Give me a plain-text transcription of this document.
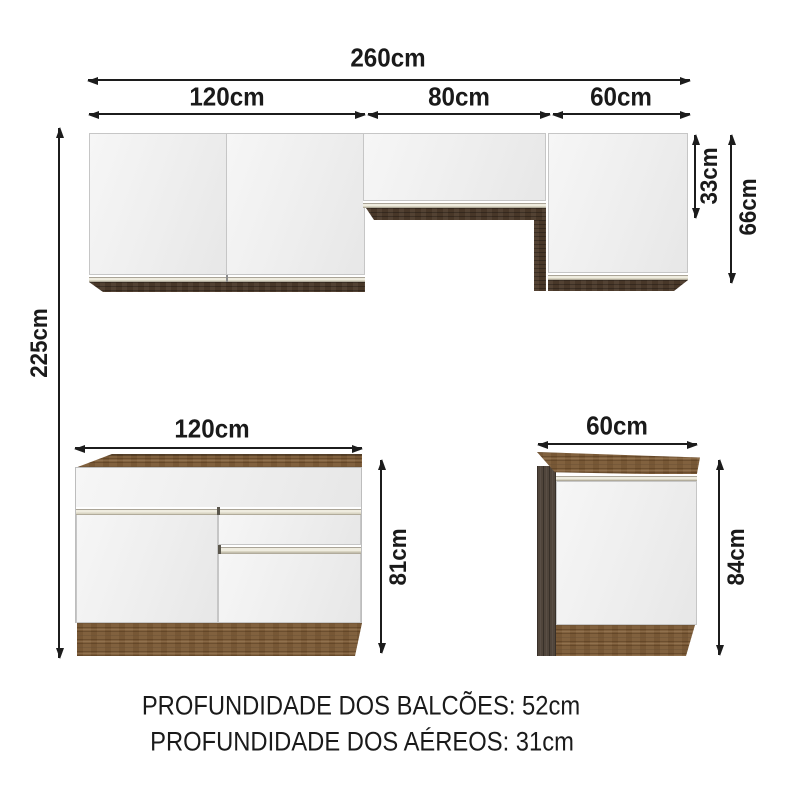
260cm
120cm	80cm	60cm
225cm
33cm
66cm
120cm
81cm
60cm
84cm
PROFUNDIDADE DOS BALCÕES: 52cm
PROFUNDIDADE DOS AÉREOS: 31cm
